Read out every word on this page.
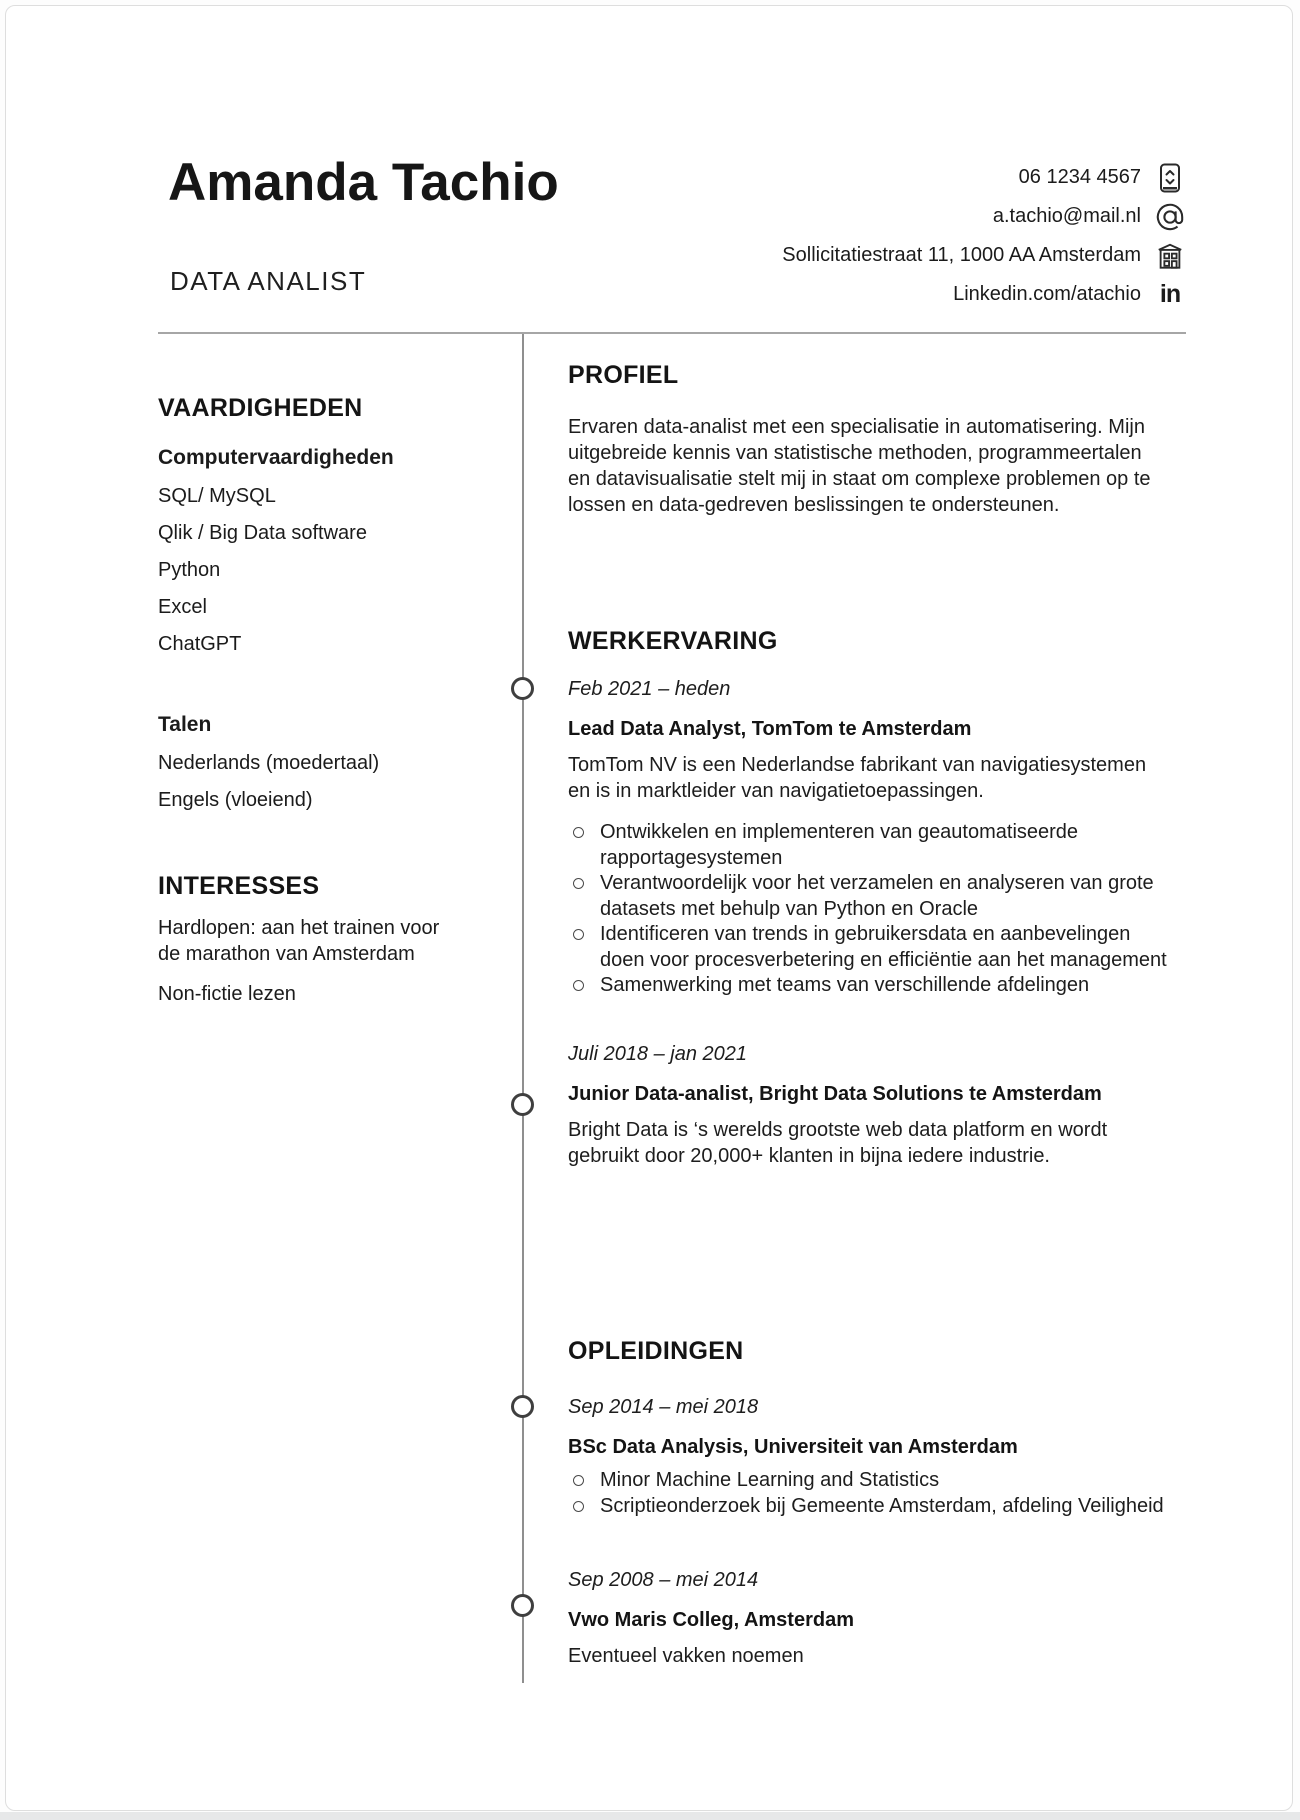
Amanda Tachio
DATA ANALIST
06 1234 4567
a.tachio@mail.nl
Sollicitatiestraat 11, 1000 AA Amsterdam
Linkedin.com/atachio in
VAARDIGHEDEN
Computervaardigheden
SQL/ MySQL
Qlik / Big Data software
Python
Excel
ChatGPT
Talen
Nederlands (moedertaal)
Engels (vloeiend)
INTERESSES
Hardlopen: aan het trainen voor de marathon van Amsterdam
Non-fictie lezen
PROFIEL
Ervaren data-analist met een specialisatie in automatisering. Mijn uitgebreide kennis van statistische methoden, programmeertalen en datavisualisatie stelt mij in staat om complexe problemen op te lossen en data-gedreven beslissingen te ondersteunen.
WERKERVARING
Feb 2021 – heden
Lead Data Analyst, TomTom te Amsterdam
TomTom NV is een Nederlandse fabrikant van navigatiesystemen en is in marktleider van navigatietoepassingen.
Ontwikkelen en implementeren van geautomatiseerde rapportagesystemen
Verantwoordelijk voor het verzamelen en analyseren van grote datasets met behulp van Python en Oracle
Identificeren van trends in gebruikersdata en aanbevelingen doen voor procesverbetering en efficiëntie aan het management
Samenwerking met teams van verschillende afdelingen
Juli 2018 – jan 2021
Junior Data-analist, Bright Data Solutions te Amsterdam
Bright Data is ‘s werelds grootste web data platform en wordt gebruikt door 20,000+ klanten in bijna iedere industrie.
OPLEIDINGEN
Sep 2014 – mei 2018
BSc Data Analysis, Universiteit van Amsterdam
Minor Machine Learning and Statistics
Scriptieonderzoek bij Gemeente Amsterdam, afdeling Veiligheid
Sep 2008 – mei 2014
Vwo Maris Colleg, Amsterdam
Eventueel vakken noemen
